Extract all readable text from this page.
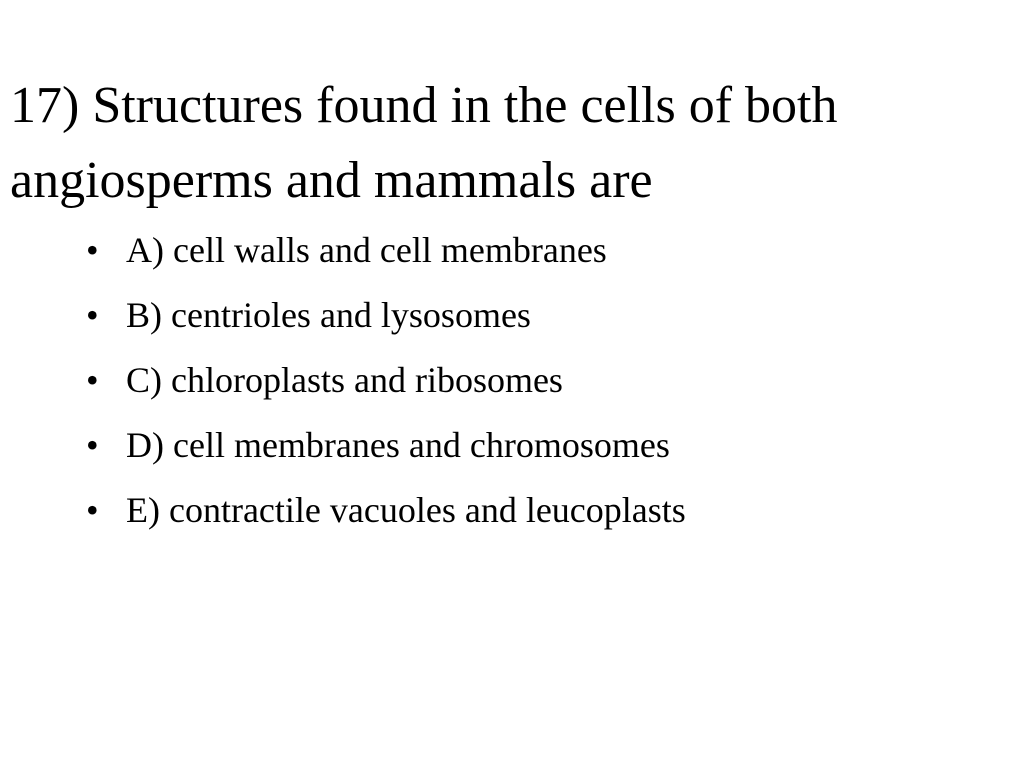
17) Structures found in the cells of both
angiosperms and mammals are
• A) cell walls and cell membranes
• B) centrioles and lysosomes
• C) chloroplasts and ribosomes
• D) cell membranes and chromosomes
• E) contractile vacuoles and leucoplasts
